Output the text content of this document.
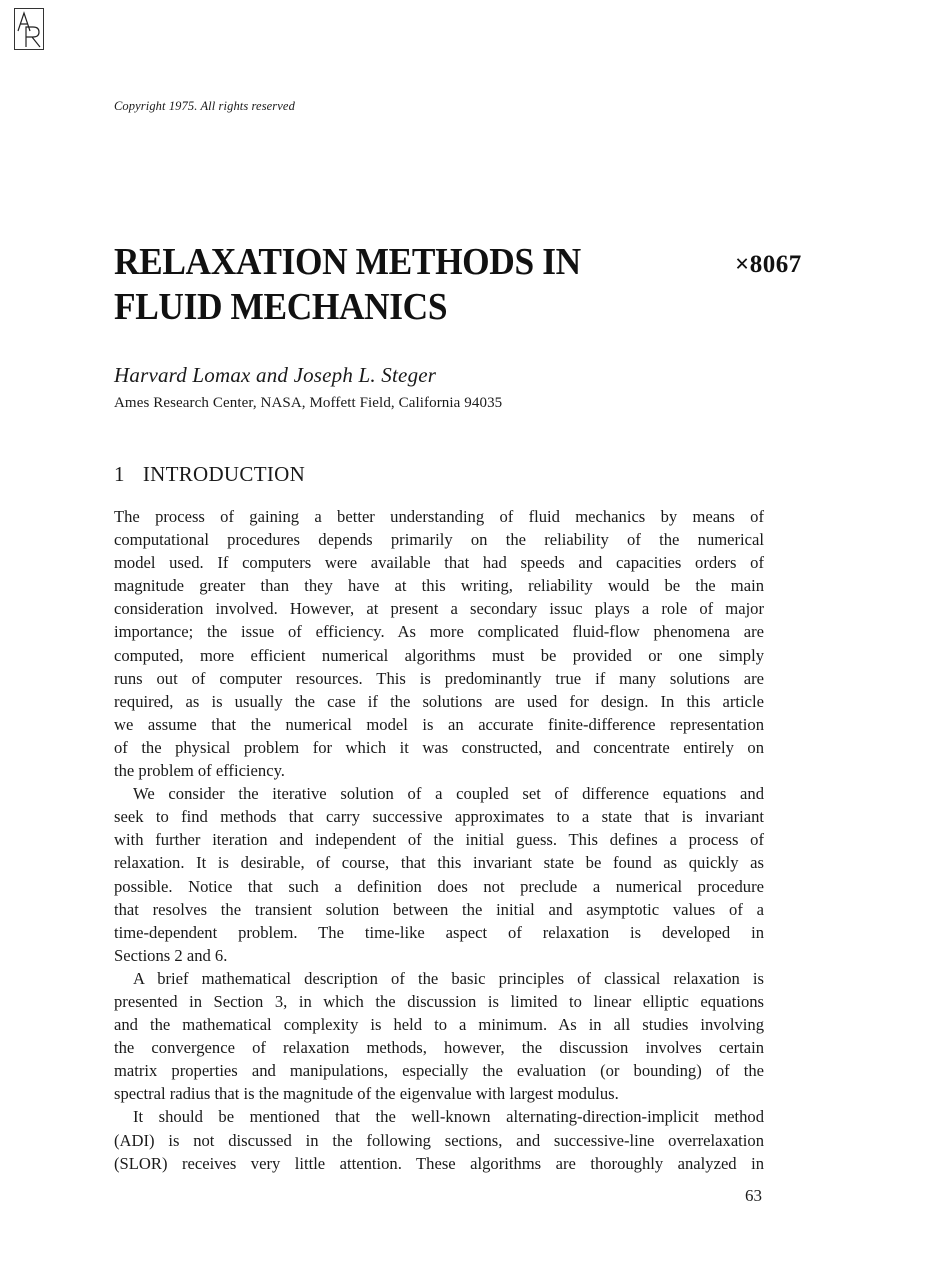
Copyright 1975. All rights reserved
RELAXATION METHODS IN
FLUID MECHANICS
×8067
Harvard Lomax and Joseph L. Steger
Ames Research Center, NASA, Moffett Field, California 94035
1 INTRODUCTION
The process of gaining a better understanding of fluid mechanics by means of
computational procedures depends primarily on the reliability of the numerical
model used. If computers were available that had speeds and capacities orders of
magnitude greater than they have at this writing, reliability would be the main
consideration involved. However, at present a secondary issuc plays a role of major
importance; the issue of efficiency. As more complicated fluid-flow phenomena are
computed, more efficient numerical algorithms must be provided or one simply
runs out of computer resources. This is predominantly true if many solutions are
required, as is usually the case if the solutions are used for design. In this article
we assume that the numerical model is an accurate finite-difference representation
of the physical problem for which it was constructed, and concentrate entirely on
the problem of efficiency.
We consider the iterative solution of a coupled set of difference equations and
seek to find methods that carry successive approximates to a state that is invariant
with further iteration and independent of the initial guess. This defines a process of
relaxation. It is desirable, of course, that this invariant state be found as quickly as
possible. Notice that such a definition does not preclude a numerical procedure
that resolves the transient solution between the initial and asymptotic values of a
time-dependent problem. The time-like aspect of relaxation is developed in
Sections 2 and 6.
A brief mathematical description of the basic principles of classical relaxation is
presented in Section 3, in which the discussion is limited to linear elliptic equations
and the mathematical complexity is held to a minimum. As in all studies involving
the convergence of relaxation methods, however, the discussion involves certain
matrix properties and manipulations, especially the evaluation (or bounding) of the
spectral radius that is the magnitude of the eigenvalue with largest modulus.
It should be mentioned that the well-known alternating-direction-implicit method
(ADI) is not discussed in the following sections, and successive-line overrelaxation
(SLOR) receives very little attention. These algorithms are thoroughly analyzed in
63
